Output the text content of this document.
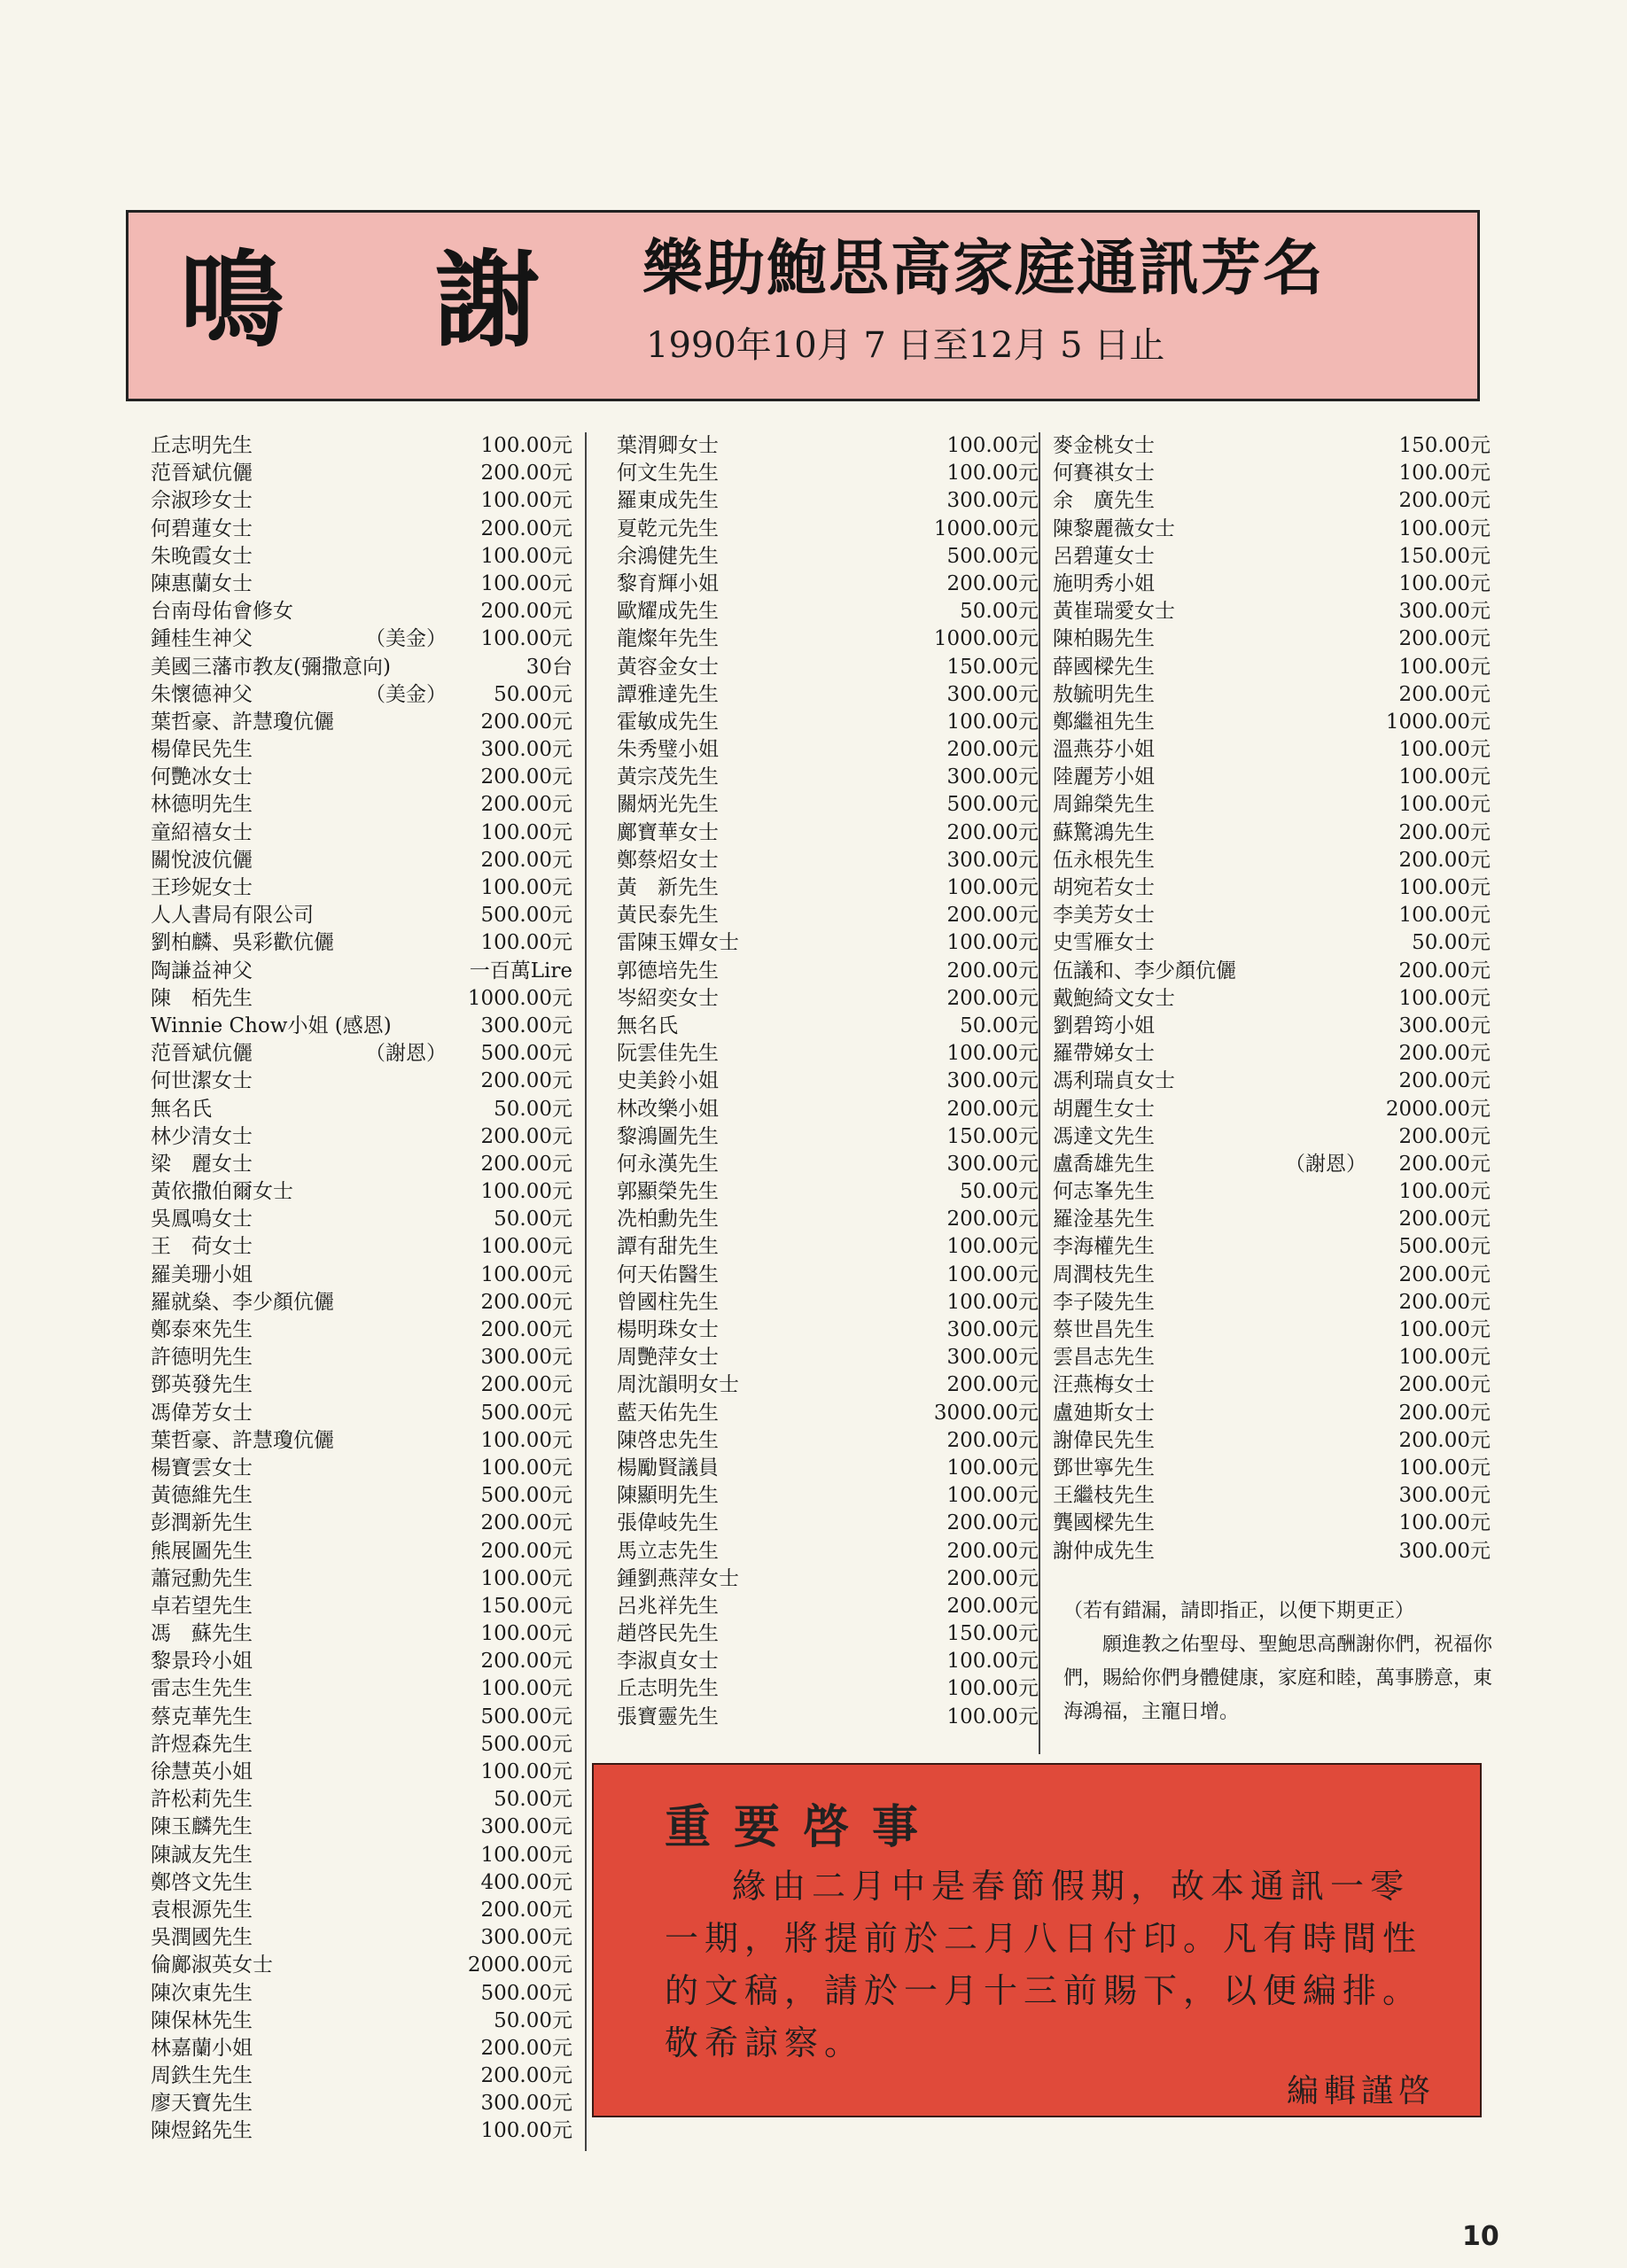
鳴謝
樂助鮑思高家庭通訊芳名
1990年10月 7 日至12月 5 日止
丘志明先生	100.00元
范晉斌伉儷	200.00元
佘淑珍女士	100.00元
何碧蓮女士	200.00元
朱晚霞女士	100.00元
陳惠蘭女士	100.00元
台南母佑會修女	200.00元
鍾桂生神父	（美金） 100.00元
美國三藩市教友(彌撒意向)	30台
朱懷德神父	（美金） 50.00元
葉哲豪、許慧瓊伉儷	200.00元
楊偉民先生	300.00元
何艷冰女士	200.00元
林德明先生	200.00元
童紹禧女士	100.00元
關悅波伉儷	200.00元
王珍妮女士	100.00元
人人書局有限公司	500.00元
劉柏麟、吳彩歡伉儷	100.00元
陶謙益神父	一百萬Lire
陳　栢先生	1000.00元
Winnie Chow小姐 (感恩)	300.00元
范晉斌伉儷	（謝恩） 500.00元
何世潔女士	200.00元
無名氏	50.00元
林少清女士	200.00元
梁　麗女士	200.00元
黃依撒伯爾女士	100.00元
吳鳳鳴女士	50.00元
王　荷女士	100.00元
羅美珊小姐	100.00元
羅就燊、李少顏伉儷	200.00元
鄭泰來先生	200.00元
許德明先生	300.00元
鄧英發先生	200.00元
馮偉芳女士	500.00元
葉哲豪、許慧瓊伉儷	100.00元
楊寶雲女士	100.00元
黃德維先生	500.00元
彭潤新先生	200.00元
熊展圖先生	200.00元
蕭冠勳先生	100.00元
卓若望先生	150.00元
馮　蘇先生	100.00元
黎景玲小姐	200.00元
雷志生先生	100.00元
蔡克華先生	500.00元
許煜森先生	500.00元
徐慧英小姐	100.00元
許松莉先生	50.00元
陳玉麟先生	300.00元
陳誠友先生	100.00元
鄭啓文先生	400.00元
袁根源先生	200.00元
吳潤國先生	300.00元
倫鄺淑英女士	2000.00元
陳次東先生	500.00元
陳保林先生	50.00元
林嘉蘭小姐	200.00元
周鉄生先生	200.00元
廖天寶先生	300.00元
陳煜銘先生	100.00元
葉渭卿女士	100.00元
何文生先生	100.00元
羅東成先生	300.00元
夏乾元先生	1000.00元
余鴻健先生	500.00元
黎育輝小姐	200.00元
歐耀成先生	50.00元
龍燦年先生	1000.00元
黃容金女士	150.00元
譚雅達先生	300.00元
霍敏成先生	100.00元
朱秀璧小姐	200.00元
黃宗茂先生	300.00元
關炳光先生	500.00元
鄺寶華女士	200.00元
鄭蔡炤女士	300.00元
黃　新先生	100.00元
黃民泰先生	200.00元
雷陳玉嬋女士	100.00元
郭德培先生	200.00元
岑紹奕女士	200.00元
無名氏	50.00元
阮雲佳先生	100.00元
史美鈴小姐	300.00元
林改樂小姐	200.00元
黎鴻圖先生	150.00元
何永漢先生	300.00元
郭顯榮先生	50.00元
冼柏勳先生	200.00元
譚有甜先生	100.00元
何天佑醫生	100.00元
曾國柱先生	100.00元
楊明珠女士	300.00元
周艷萍女士	300.00元
周沈韻明女士	200.00元
藍天佑先生	3000.00元
陳啓忠先生	200.00元
楊勵賢議員	100.00元
陳顯明先生	100.00元
張偉岐先生	200.00元
馬立志先生	200.00元
鍾劉燕萍女士	200.00元
呂兆祥先生	200.00元
趙啓民先生	150.00元
李淑貞女士	100.00元
丘志明先生	100.00元
張寶靈先生	100.00元
麥金桃女士	150.00元
何賽祺女士	100.00元
余　廣先生	200.00元
陳黎麗薇女士	100.00元
呂碧蓮女士	150.00元
施明秀小姐	100.00元
黃崔瑞愛女士	300.00元
陳柏賜先生	200.00元
薛國樑先生	100.00元
敖毓明先生	200.00元
鄭繼祖先生	1000.00元
溫燕芬小姐	100.00元
陸麗芳小姐	100.00元
周錦榮先生	100.00元
蘇驚鴻先生	200.00元
伍永根先生	200.00元
胡宛若女士	100.00元
李美芳女士	100.00元
史雪雁女士	50.00元
伍議和、李少顏伉儷	200.00元
戴鮑綺文女士	100.00元
劉碧筠小姐	300.00元
羅帶娣女士	200.00元
馮利瑞貞女士	200.00元
胡麗生女士	2000.00元
馮達文先生	200.00元
盧喬雄先生	（謝恩） 200.00元
何志峯先生	100.00元
羅淦基先生	200.00元
李海權先生	500.00元
周潤枝先生	200.00元
李子陵先生	200.00元
蔡世昌先生	100.00元
雲昌志先生	100.00元
汪燕梅女士	200.00元
盧廸斯女士	200.00元
謝偉民先生	200.00元
鄧世寧先生	100.00元
王繼枝先生	300.00元
龔國樑先生	100.00元
謝仲成先生	300.00元

（若有錯漏，請即指正，以便下期更正）

願進教之佑聖母、聖鮑思高酬謝你們，祝福你們，賜給你們身體健康，家庭和睦，萬事勝意，東海鴻福，主寵日增。

重要啓事

緣由二月中是春節假期，故本通訊一零一期，將提前於二月八日付印。凡有時間性的文稿，請於一月十三前賜下，以便編排。敬希諒察。

編輯謹啓
10
